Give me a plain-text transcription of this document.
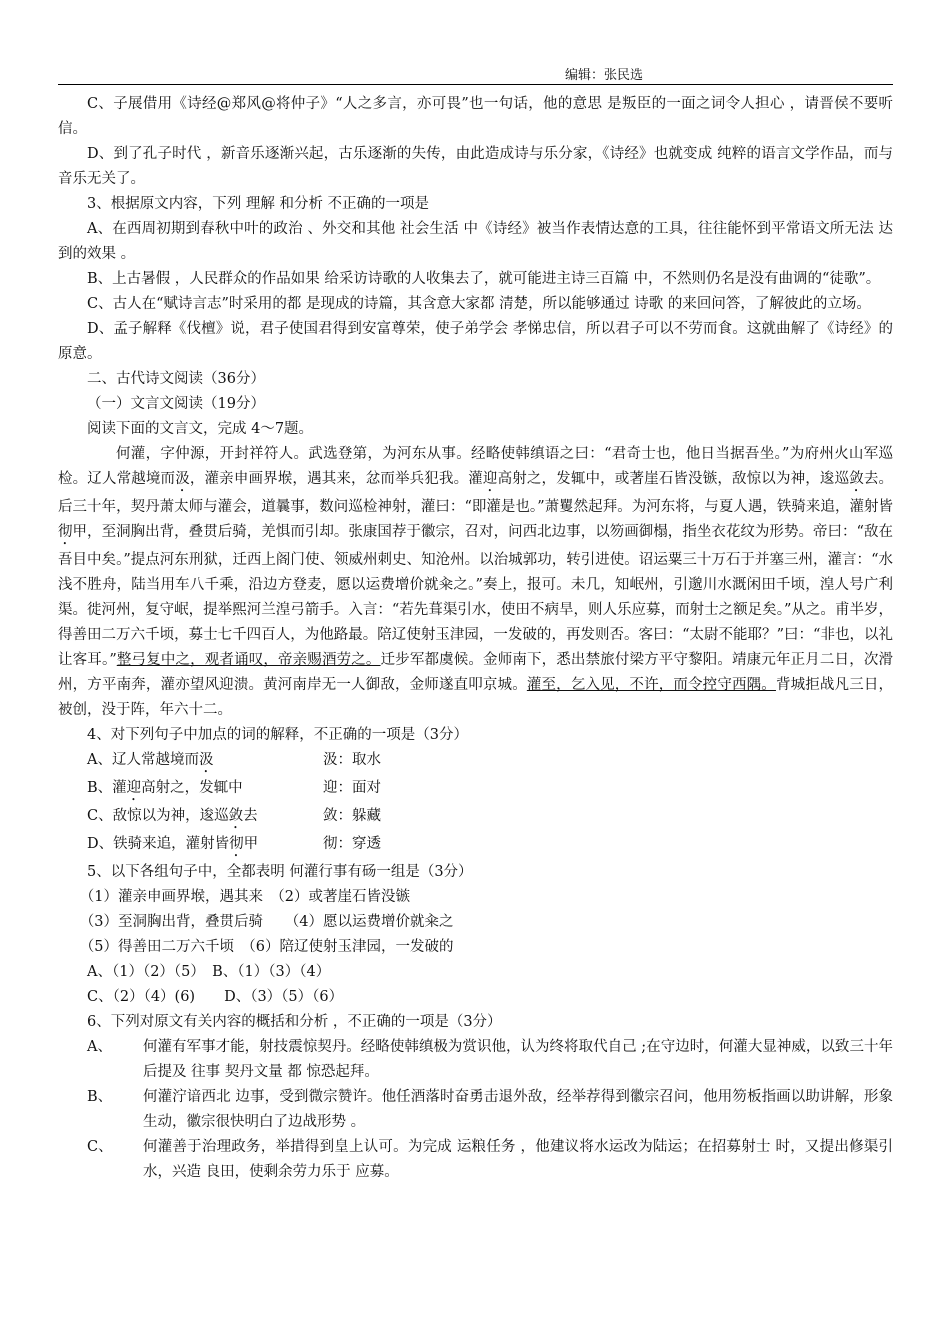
编辑：张民选

C、子展借用《诗经@郑风@将仲子》“人之多言，亦可畏”也一句话，他的意思 是叛臣的一面之词令人担心 ，请晋侯不要听信。

D、到了孔子时代 ，新音乐逐渐兴起，古乐逐渐的失传，由此造成诗与乐分家，《诗经》也就变成 纯粹的语言文学作品，而与音乐无关了。

3、根据原文内容，下列 理解 和分析 不正确的一项是

A、在西周初期到春秋中叶的政治 、外交和其他 社会生活 中《诗经》被当作表情达意的工具，往往能怀到平常语文所无法 达到的效果 。

B、上古暑假 ，人民群众的作品如果 给采访诗歌的人收集去了，就可能进主诗三百篇 中，不然则仍名是没有曲调的“徒歌”。

C、古人在“赋诗言志”时采用的都 是现成的诗篇，其含意大家都 清楚，所以能够通过 诗歌 的来回问答，了解彼此的立场。

D、孟子解释《伐檀》说，君子使国君得到安富尊荣，使子弟学会 孝悌忠信，所以君子可以不劳而食。这就曲解了《诗经》的原意。

二、古代诗文阅读（36分）

（一）文言文阅读（19分）

阅读下面的文言文，完成 4～7题。

何灌，字仲源，开封祥符人。武选登第，为河东从事。经略使韩缜语之曰：“君奇士也，他日当据吾坐。”为府州火山军巡检。辽人常越境而汲，灌亲申画界堠，遇其来，忿而举兵犯我。灌迎高射之，发辄中，或著崖石皆没镞，敌惊以为神，逡巡敛去。后三十年，契丹萧太师与灌会，道曩事，数问巡检神射，灌曰：“即灌是也。”萧矍然起拜。为河东将，与夏人遇，铁骑来追，灌射皆彻甲，至洞胸出背，叠贯后骑，羌惧而引却。张康国荐于徽宗，召对，问西北边事，以笏画御榻，指坐衣花纹为形势。帝曰：“敌在吾目中矣。”提点河东刑狱，迁西上阁门使、领威州刺史、知沧州。以治城郭功，转引进使。诏运粟三十万石于并塞三州，灌言：“水浅不胜舟，陆当用车八千乘，沿边方登麦，愿以运费增价就籴之。”奏上，报可。未几，知岷州，引邈川水溉闲田千顷，湟人号广利渠。徙河州，复守岷，提举熙河兰湟弓箭手。入言：“若先葺渠引水，使田不病旱，则人乐应募，而射士之额足矣。”从之。甫半岁，得善田二万六千顷，募士七千四百人，为他路最。陪辽使射玉津园，一发破的，再发则否。客曰：“太尉不能耶？”曰：“非也，以礼让客耳。”整弓复中之，观者诵叹，帝亲赐酒劳之。迁步军都虞候。金师南下，悉出禁旅付梁方平守黎阳。靖康元年正月二日，次滑州，方平南奔，灌亦望风迎溃。黄河南岸无一人御敌，金师遂直叩京城。灌至，乞入见，不许，而令控守西隅。背城拒战凡三日，被创，没于阵，年六十二。

4、对下列句子中加点的词的解释，不正确的一项是（3分）

A、辽人常越境而汲	汲：取水
B、灌迎高射之，发辄中	迎：面对
C、敌惊以为神，逡巡敛去	敛：躲藏
D、铁骑来追，灌射皆彻甲	彻：穿透

5、以下各组句子中，全都表明 何灌行事有砀一组是（3分）

（1）灌亲申画界堠，遇其来　（2）或著崖石皆没镞

（3）至洞胸出背，叠贯后骑　　（4）愿以运费增价就籴之

（5）得善田二万六千顷　（6）陪辽使射玉津园，一发破的

A、（1）（2）（5）　B、（1）（3）（4）

C、（2）（4）(6)　　D、（3）（5）（6）

6、下列对原文有关内容的概括和分析 ，不正确的一项是（3分）

A、	何灌有军事才能，射技震惊契丹。经略使韩缜极为赏识他，认为终将取代自己 ;在守边时，何灌大显神威，以致三十年后提及 往事 契丹文量 都 惊恐起拜。
B、	何灌泞谙西北 边事，受到微宗赞许。他任酒落时奋勇击退外敌，经举荐得到徽宗召问，他用笏板指画以助讲解，形象生动，徽宗很快明白了边战形势 。
C、	何灌善于治理政务，举措得到皇上认可。为完成 运粮任务 ，他建议将水运改为陆运；在招募射士 时，又提出修渠引水，兴造 良田，使剩余劳力乐于 应募。
